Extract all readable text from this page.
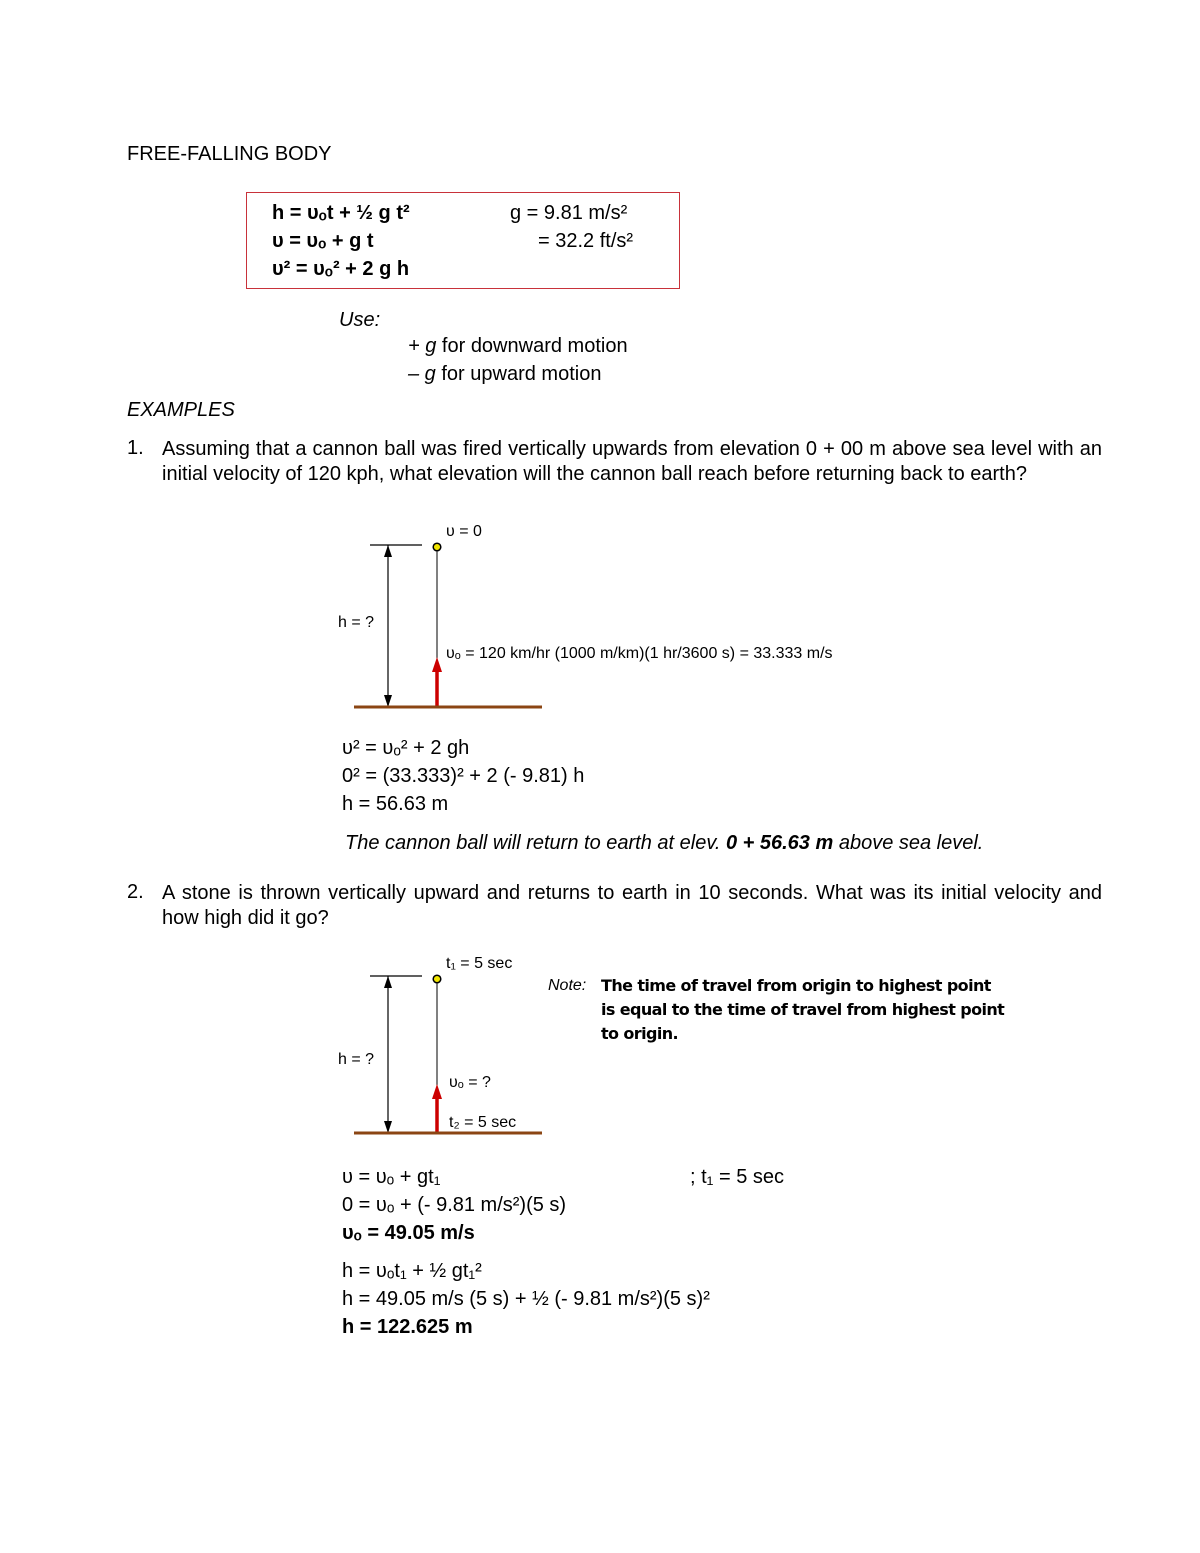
FREE-FALLING BODY
h = υₒt + ½ g t²
υ = υₒ + g t
υ² = υₒ² + 2 g h
g = 9.81 m/s²
= 32.2 ft/s²
Use:
+ g for downward motion
– g for upward motion
EXAMPLES
1. Assuming that a cannon ball was fired vertically upwards from elevation 0 + 00 m above sea level with an initial velocity of 120 kph, what elevation will the cannon ball reach before returning back to earth?
υ = 0
h = ?
υₒ = 120 km/hr (1000 m/km)(1 hr/3600 s) = 33.333 m/s
υ² = υₒ² + 2 gh
0² = (33.333)² + 2 (- 9.81) h
h = 56.63 m
The cannon ball will return to earth at elev. 0 + 56.63 m above sea level.
2. A stone is thrown vertically upward and returns to earth in 10 seconds. What was its initial velocity and how high did it go?
t₁ = 5 sec
h = ?
υₒ = ?
t₂ = 5 sec
Note: The time of travel from origin to highest point
is equal to the time of travel from highest point
to origin.
υ = υₒ + gt₁	; t₁ = 5 sec
0 = υₒ + (- 9.81 m/s²)(5 s)
υₒ = 49.05 m/s
h = υₒt₁ + ½ gt₁²
h = 49.05 m/s (5 s) + ½ (- 9.81 m/s²)(5 s)²
h = 122.625 m
